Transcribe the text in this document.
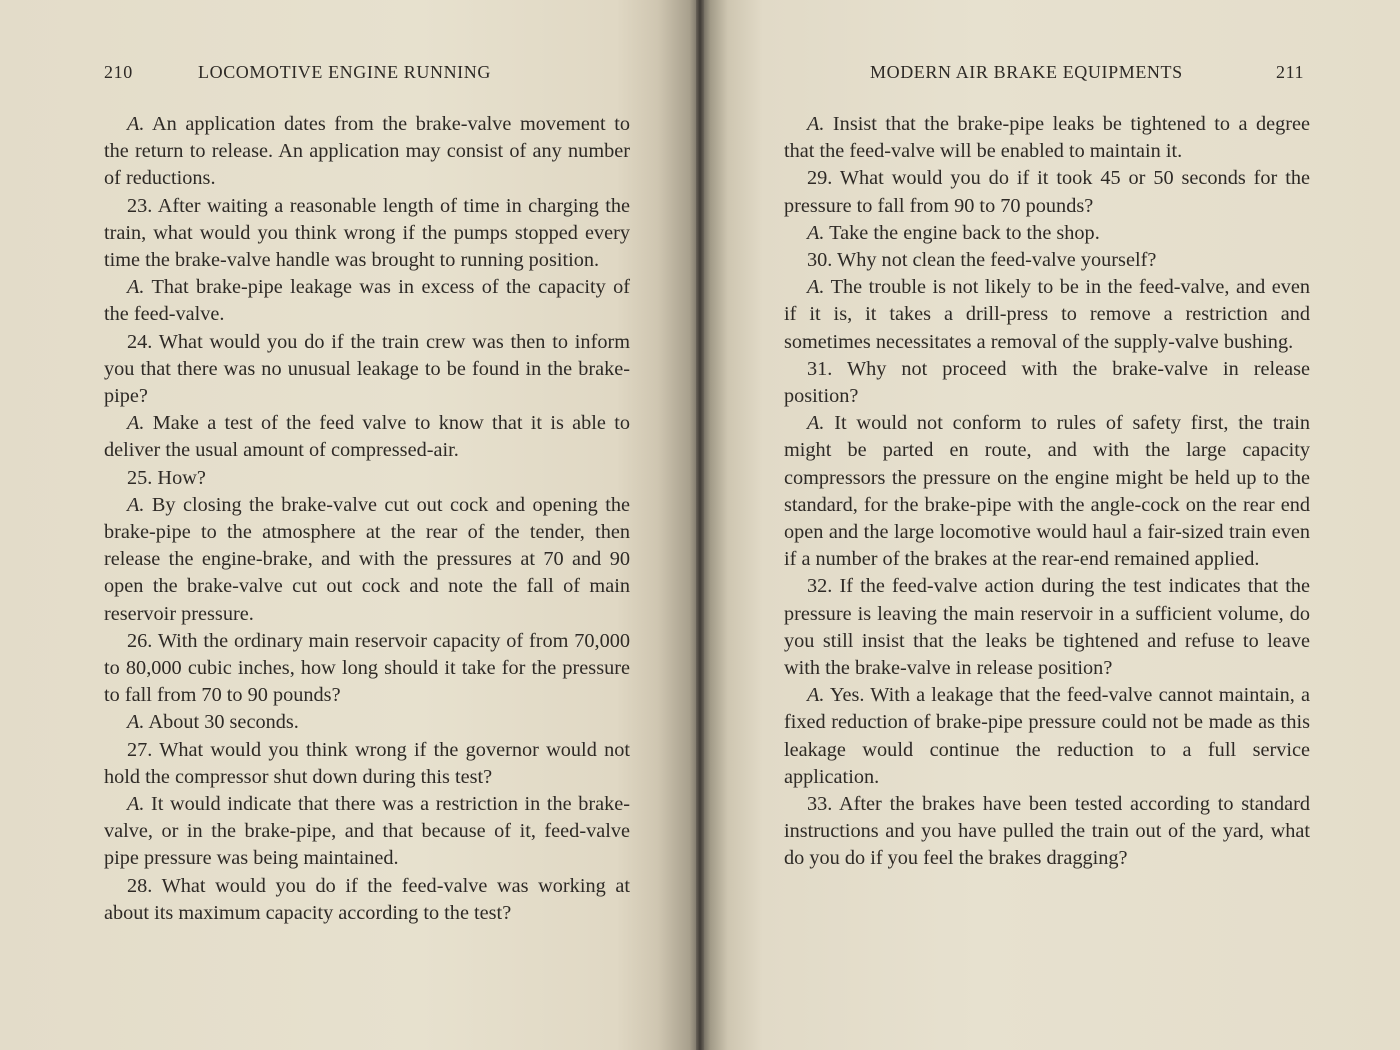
210	LOCOMOTIVE ENGINE RUNNING

A. An application dates from the brake-valve movement to the return to release. An application may consist of any number of reductions.

23. After waiting a reasonable length of time in charging the train, what would you think wrong if the pumps stopped every time the brake-valve handle was brought to running position.

A. That brake-pipe leakage was in excess of the capacity of the feed-valve.

24. What would you do if the train crew was then to inform you that there was no unusual leakage to be found in the brake-pipe?

A. Make a test of the feed valve to know that it is able to deliver the usual amount of compressed-air.

25. How?

A. By closing the brake-valve cut out cock and opening the brake-pipe to the atmosphere at the rear of the tender, then release the engine-brake, and with the pressures at 70 and 90 open the brake-valve cut out cock and note the fall of main reservoir pressure.

26. With the ordinary main reservoir capacity of from 70,000 to 80,000 cubic inches, how long should it take for the pressure to fall from 70 to 90 pounds?

A. About 30 seconds.

27. What would you think wrong if the governor would not hold the compressor shut down during this test?

A. It would indicate that there was a restriction in the brake-valve, or in the brake-pipe, and that because of it, feed-valve pipe pressure was being maintained.

28. What would you do if the feed-valve was working at about its maximum capacity according to the test?

MODERN AIR BRAKE EQUIPMENTS	211

A. Insist that the brake-pipe leaks be tightened to a degree that the feed-valve will be enabled to maintain it.

29. What would you do if it took 45 or 50 seconds for the pressure to fall from 90 to 70 pounds?

A. Take the engine back to the shop.

30. Why not clean the feed-valve yourself?

A. The trouble is not likely to be in the feed-valve, and even if it is, it takes a drill-press to remove a restriction and sometimes necessitates a removal of the supply-valve bushing.

31. Why not proceed with the brake-valve in release position?

A. It would not conform to rules of safety first, the train might be parted en route, and with the large capacity compressors the pressure on the engine might be held up to the standard, for the brake-pipe with the angle-cock on the rear end open and the large locomotive would haul a fair-sized train even if a number of the brakes at the rear-end remained applied.

32. If the feed-valve action during the test indicates that the pressure is leaving the main reservoir in a sufficient volume, do you still insist that the leaks be tightened and refuse to leave with the brake-valve in release position?

A. Yes. With a leakage that the feed-valve cannot maintain, a fixed reduction of brake-pipe pressure could not be made as this leakage would continue the reduction to a full service application.

33. After the brakes have been tested according to standard instructions and you have pulled the train out of the yard, what do you do if you feel the brakes dragging?
